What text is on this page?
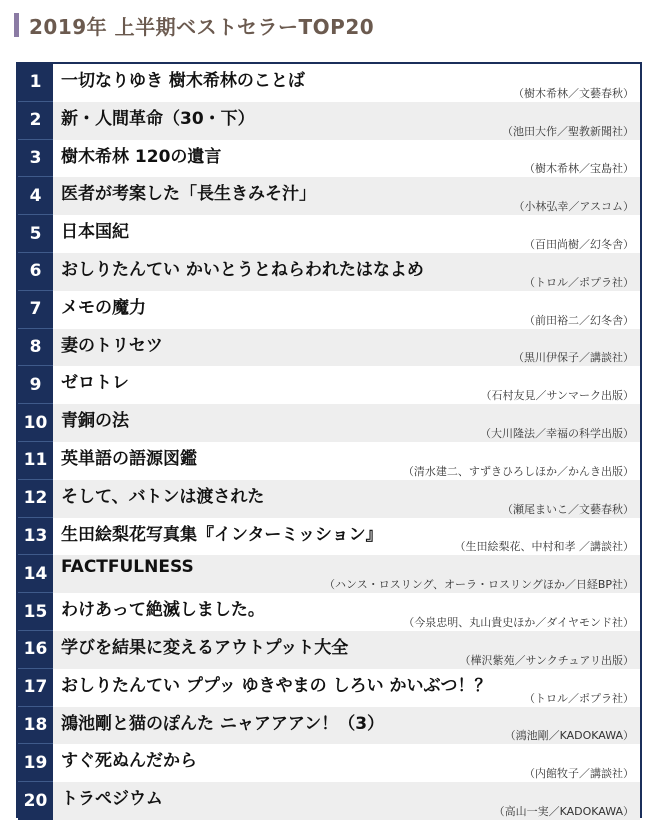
2019年 上半期ベストセラーTOP20
1	一切なりゆき 樹木希林のことば
（樹木希林／文藝春秋）
2	新・人間革命（30・下）
（池田大作／聖教新聞社）
3	樹木希林 120の遺言
（樹木希林／宝島社）
4	医者が考案した「長生きみそ汁」
（小林弘幸／アスコム）
5	日本国紀
（百田尚樹／幻冬舎）
6	おしりたんてい かいとうとねらわれたはなよめ
（トロル／ポプラ社）
7	メモの魔力
（前田裕二／幻冬舎）
8	妻のトリセツ
（黒川伊保子／講談社）
9	ゼロトレ
（石村友見／サンマーク出版）
10 青銅の法
（大川隆法／幸福の科学出版）
11 英単語の語源図鑑
（清水建二、すずきひろしほか／かんき出版）
12 そして、バトンは渡された
（瀬尾まいこ／文藝春秋）
13 生田絵梨花写真集『インターミッション』
（生田絵梨花、中村和孝 ／講談社）
14 FACTFULNESS
（ハンス・ロスリング、オーラ・ロスリングほか／日経BP社）
15 わけあって絶滅しました。
（今泉忠明、丸山貴史ほか／ダイヤモンド社）
16 学びを結果に変えるアウトプット大全
（樺沢紫苑／サンクチュアリ出版）
17 おしりたんてい ププッ ゆきやまの しろい かいぶつ！？
（トロル／ポプラ社）
18 鴻池剛と猫のぽんた ニャアアアン！（3）
（鴻池剛／KADOKAWA）
19 すぐ死ぬんだから
（内館牧子／講談社）
20 トラペジウム
（高山一実／KADOKAWA）
